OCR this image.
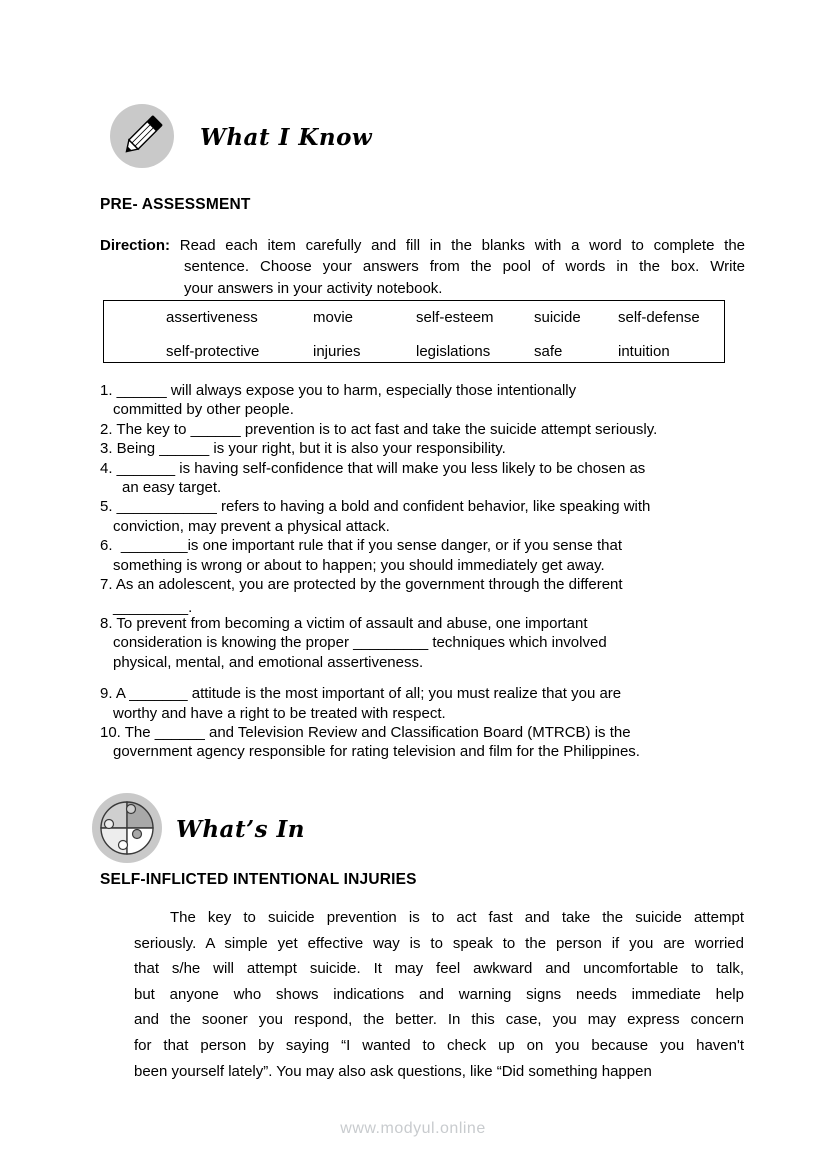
What I Know
PRE- ASSESSMENT
Direction: Read each item carefully and fill in the blanks with a word to complete the
sentence. Choose your answers from the pool of words in the box. Write
your answers in your activity notebook.
assertiveness	movie	self-esteem	suicide	self-defense
self-protective	injuries	legislations	safe	intuition
1. ______ will always expose you to harm, especially those intentionally
committed by other people.
2. The key to ______ prevention is to act fast and take the suicide attempt seriously.
3. Being ______ is your right, but it is also your responsibility.
4. _______ is having self-confidence that will make you less likely to be chosen as
an easy target.
5. ____________ refers to having a bold and confident behavior, like speaking with
conviction, may prevent a physical attack.
6.  ________is one important rule that if you sense danger, or if you sense that
something is wrong or about to happen; you should immediately get away.
7. As an adolescent, you are protected by the government through the different
_________.
8. To prevent from becoming a victim of assault and abuse, one important
consideration is knowing the proper _________ techniques which involved
physical, mental, and emotional assertiveness.
9. A _______ attitude is the most important of all; you must realize that you are
worthy and have a right to be treated with respect.
10. The ______ and Television Review and Classification Board (MTRCB) is the
government agency responsible for rating television and film for the Philippines.
What’s In
SELF-INFLICTED INTENTIONAL INJURIES
The key to suicide prevention is to act fast and take the suicide attempt
seriously. A simple yet effective way is to speak to the person if you are worried
that s/he will attempt suicide. It may feel awkward and uncomfortable to talk,
but anyone who shows indications and warning signs needs immediate help
and the sooner you respond, the better. In this case, you may express concern
for that person by saying “I wanted to check up on you because you haven't
been yourself lately”. You may also ask questions, like “Did something happen
www.modyul.online
